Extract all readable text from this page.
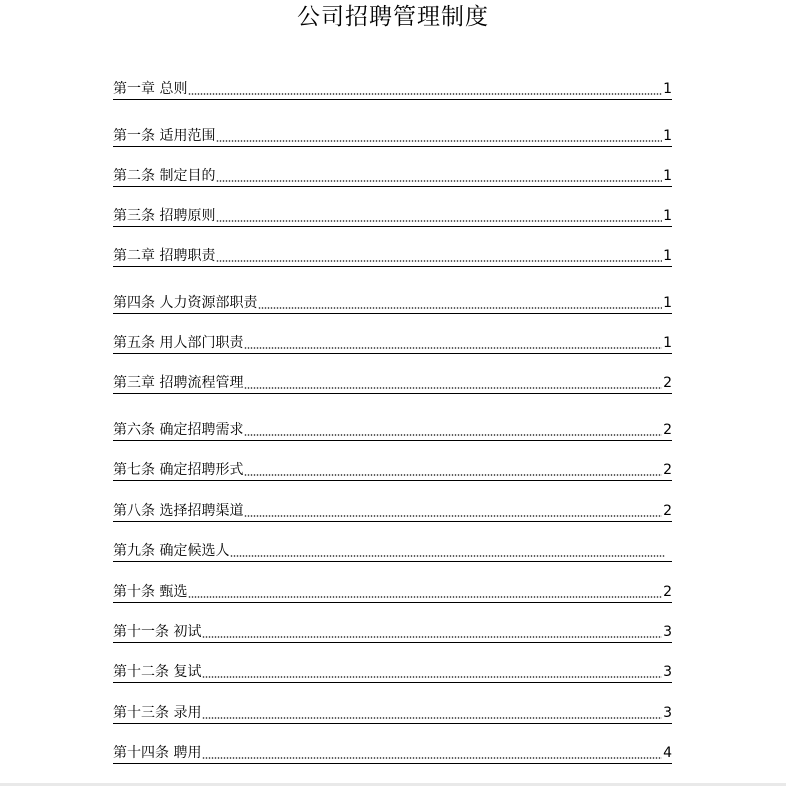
公司招聘管理制度
第一章 总则	1
第一条 适用范围	1
第二条 制定目的	1
第三条 招聘原则	1
第二章 招聘职责	1
第四条 人力资源部职责	1
第五条 用人部门职责	1
第三章 招聘流程管理	2
第六条 确定招聘需求	2
第七条 确定招聘形式	2
第八条 选择招聘渠道	2
第九条 确定候选人
第十条 甄选	2
第十一条 初试	3
第十二条 复试	3
第十三条 录用	3
第十四条 聘用	4
